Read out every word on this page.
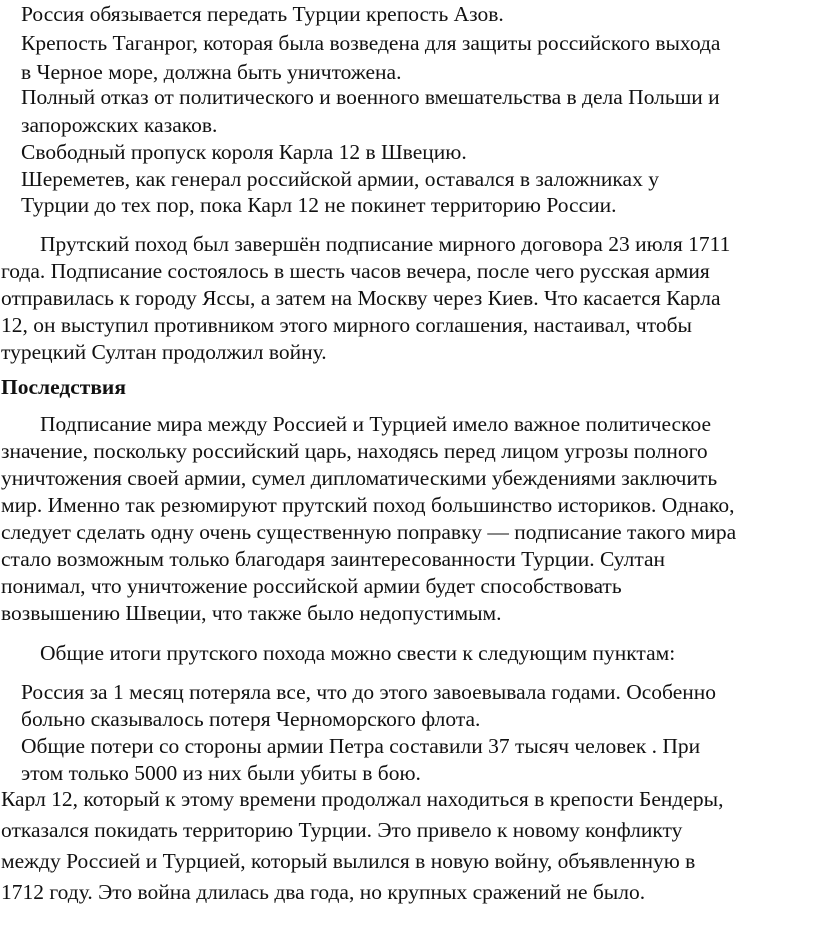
Россия обязывается передать Турции крепость Азов.
Крепость Таганрог, которая была возведена для защиты российского выхода
в Черное море, должна быть уничтожена.
Полный отказ от политического и военного вмешательства в дела Польши и
запорожских казаков.
Свободный пропуск короля Карла 12 в Швецию.
Шереметев, как генерал российской армии, оставался в заложниках у
Турции до тех пор, пока Карл 12 не покинет территорию России.
Прутский поход был завершён подписание мирного договора 23 июля 1711
года. Подписание состоялось в шесть часов вечера, после чего русская армия
отправилась к городу Яссы, а затем на Москву через Киев. Что касается Карла
12, он выступил противником этого мирного соглашения, настаивал, чтобы
турецкий Султан продолжил войну.
Последствия
Подписание мира между Россией и Турцией имело важное политическое
значение, поскольку российский царь, находясь перед лицом угрозы полного
уничтожения своей армии, сумел дипломатическими убеждениями заключить
мир. Именно так резюмируют прутский поход большинство историков. Однако,
следует сделать одну очень существенную поправку — подписание такого мира
стало возможным только благодаря заинтересованности Турции. Султан
понимал, что уничтожение российской армии будет способствовать
возвышению Швеции, что также было недопустимым.
Общие итоги прутского похода можно свести к следующим пунктам:
Россия за 1 месяц потеряла все, что до этого завоевывала годами. Особенно
больно сказывалось потеря Черноморского флота.
Общие потери со стороны армии Петра составили 37 тысяч человек . При
этом только 5000 из них были убиты в бою.
Карл 12, который к этому времени продолжал находиться в крепости Бендеры,
отказался покидать территорию Турции. Это привело к новому конфликту
между Россией и Турцией, который вылился в новую войну, объявленную в
1712 году. Это война длилась два года, но крупных сражений не было.
